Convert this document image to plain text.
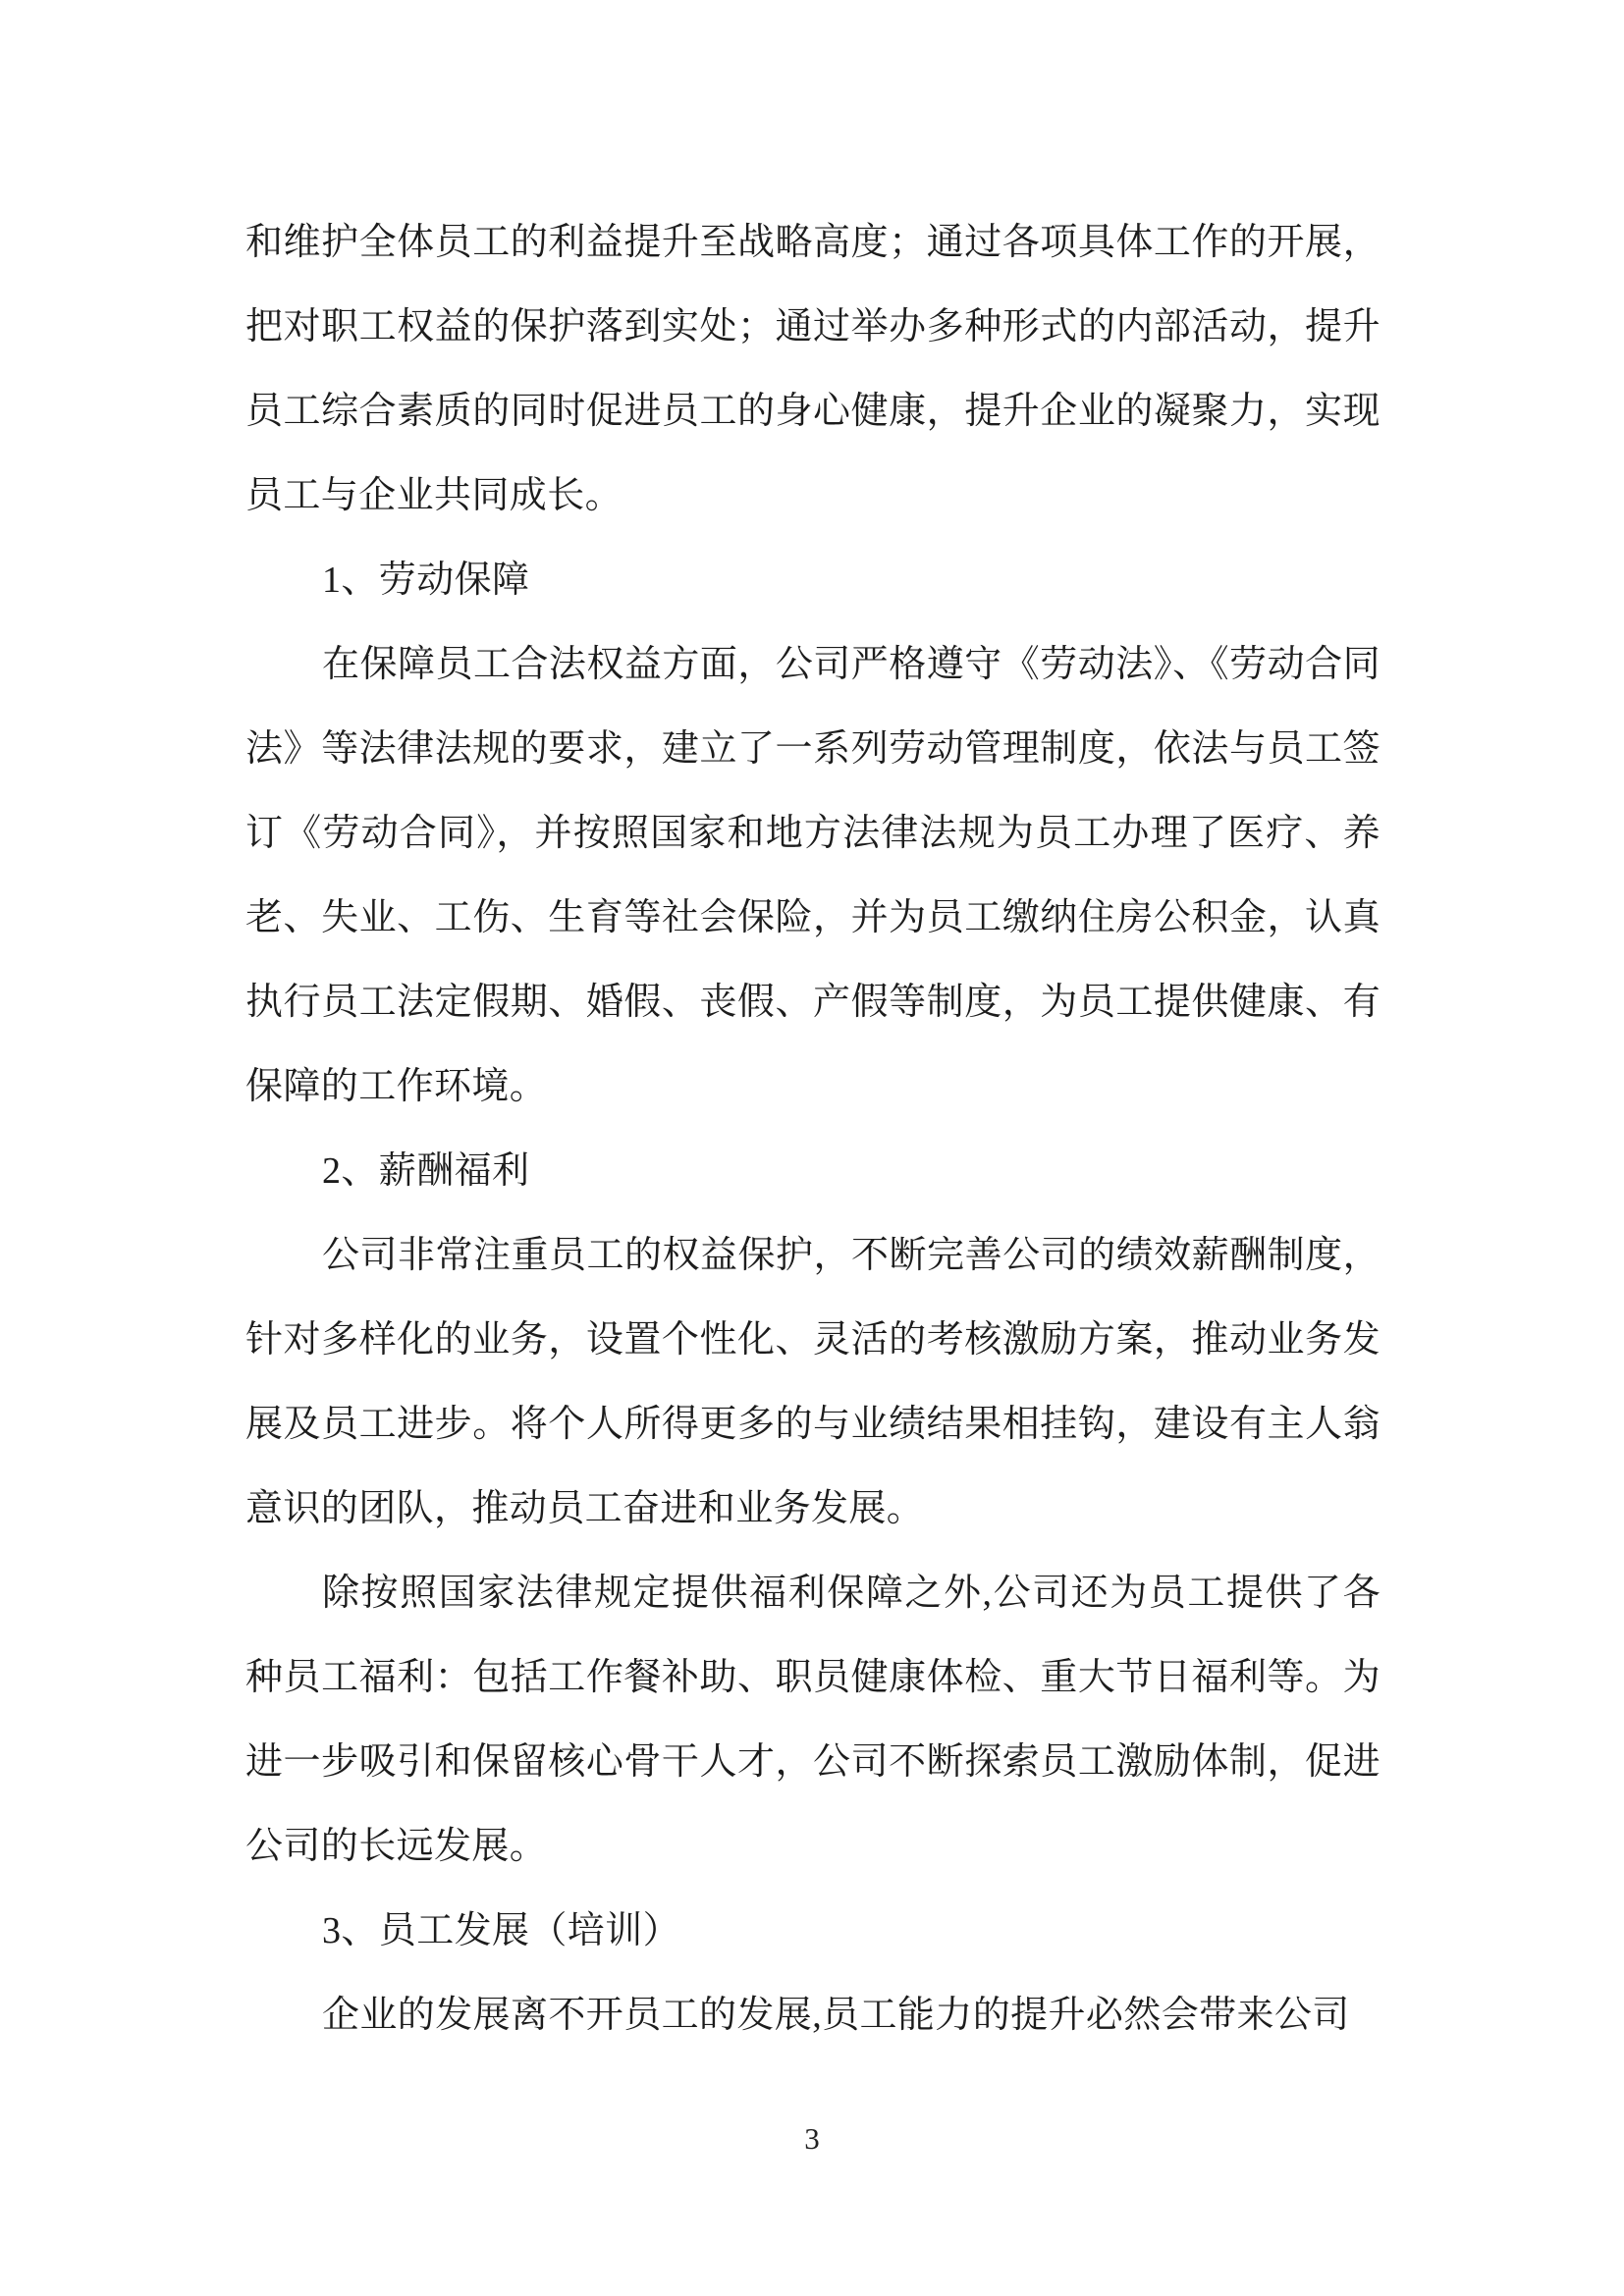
和维护全体员工的利益提升至战略高度；通过各项具体工作的开展，把对职工权益的保护落到实处；通过举办多种形式的内部活动，提升员工综合素质的同时促进员工的身心健康，提升企业的凝聚力，实现员工与企业共同成长。

1、劳动保障

在保障员工合法权益方面，公司严格遵守《劳动法》、《劳动合同法》等法律法规的要求，建立了一系列劳动管理制度，依法与员工签订《劳动合同》，并按照国家和地方法律法规为员工办理了医疗、养老、失业、工伤、生育等社会保险，并为员工缴纳住房公积金，认真执行员工法定假期、婚假、丧假、产假等制度，为员工提供健康、有保障的工作环境。

2、薪酬福利

公司非常注重员工的权益保护，不断完善公司的绩效薪酬制度，针对多样化的业务，设置个性化、灵活的考核激励方案，推动业务发展及员工进步。将个人所得更多的与业绩结果相挂钩，建设有主人翁意识的团队，推动员工奋进和业务发展。

除按照国家法律规定提供福利保障之外,公司还为员工提供了各种员工福利：包括工作餐补助、职员健康体检、重大节日福利等。为进一步吸引和保留核心骨干人才，公司不断探索员工激励体制，促进公司的长远发展。

3、员工发展（培训）

企业的发展离不开员工的发展,员工能力的提升必然会带来公司

3
